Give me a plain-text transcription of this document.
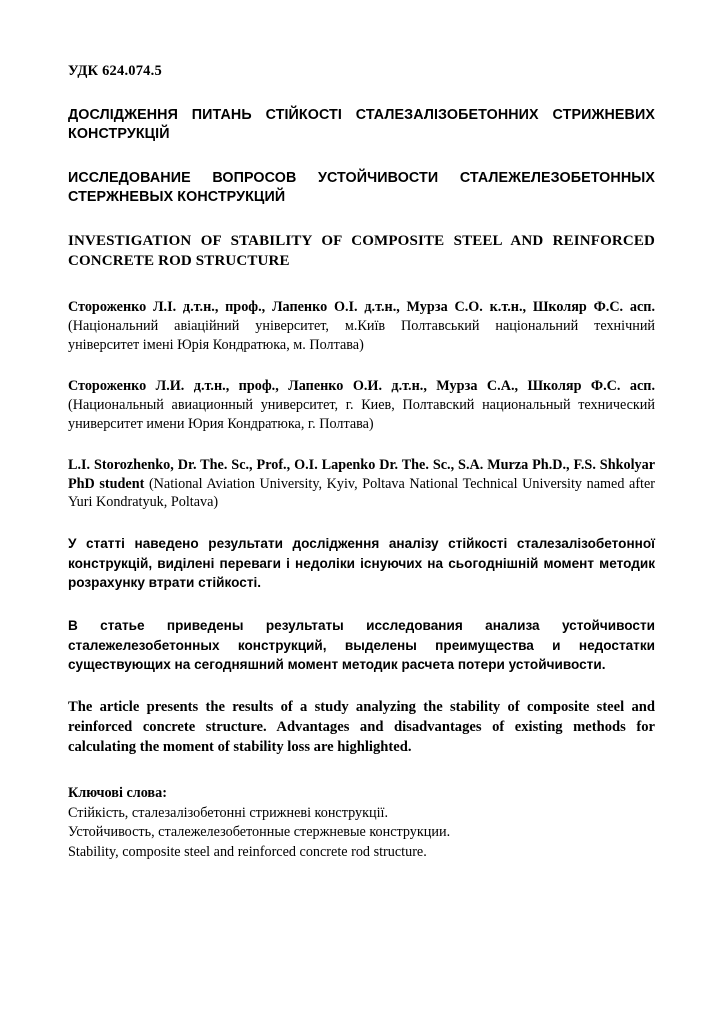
УДК 624.074.5

ДОСЛІДЖЕННЯ ПИТАНЬ СТІЙКОСТІ СТАЛЕЗАЛІЗОБЕТОННИХ СТРИЖНЕВИХ КОНСТРУКЦІЙ

ИССЛЕДОВАНИЕ ВОПРОСОВ УСТОЙЧИВОСТИ СТАЛЕЖЕЛЕЗОБЕТОННЫХ СТЕРЖНЕВЫХ КОНСТРУКЦИЙ

INVESTIGATION OF STABILITY OF COMPOSITE STEEL AND REINFORCED CONCRETE ROD STRUCTURE

Стороженко Л.І. д.т.н., проф., Лапенко О.І. д.т.н., Мурза С.О. к.т.н., Школяр Ф.С. асп. (Національний авіаційний університет, м.Київ Полтавський національний технічний університет імені Юрія Кондратюка, м. Полтава)

Стороженко Л.И. д.т.н., проф., Лапенко О.И. д.т.н., Мурза С.А., Школяр Ф.С. асп. (Национальный авиационный университет, г. Киев, Полтавский национальный технический университет имени Юрия Кондратюка, г. Полтава)

L.I. Storozhenko, Dr. The. Sc., Prof., O.I. Lapenko Dr. The. Sc., S.A. Murza Ph.D., F.S. Shkolyar PhD student (National Aviation University, Kyiv, Poltava National Technical University named after Yuri Kondratyuk, Poltava)

У статті наведено результати дослідження аналізу стійкості сталезалізобетонної конструкцій, виділені переваги і недоліки існуючих на сьогоднішній момент методик розрахунку втрати стійкості.

В статье приведены результаты исследования анализа устойчивости сталежелезобетонных конструкций, выделены преимущества и недостатки существующих на сегодняшний момент методик расчета потери устойчивости.

The article presents the results of a study analyzing the stability of composite steel and reinforced concrete structure. Advantages and disadvantages of existing methods for calculating the moment of stability loss are highlighted.

Ключові слова:

Стійкість, сталезалізобетонні стрижневі конструкції.

Устойчивость, сталежелезобетонные стержневые конструкции.

Stability, composite steel and reinforced concrete rod structure.
